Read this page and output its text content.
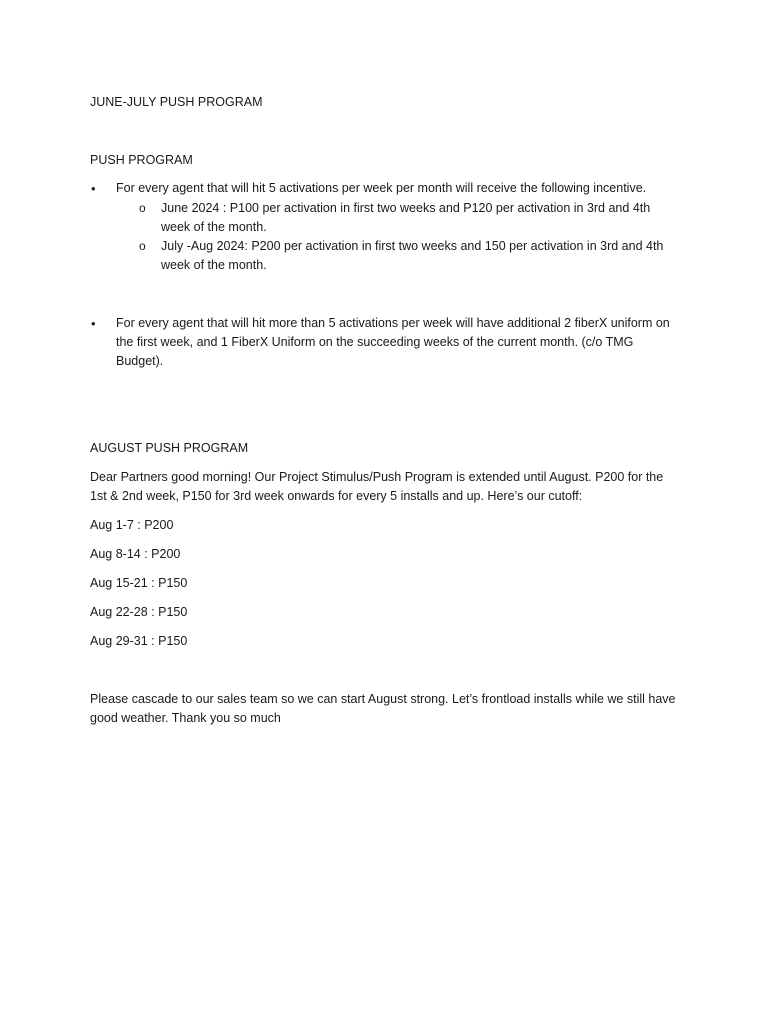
JUNE-JULY PUSH PROGRAM
PUSH PROGRAM
• For every agent that will hit 5 activations per week per month will receive the following incentive.
o June 2024 : P100 per activation in first two weeks and P120 per activation in 3rd and 4th week of the month.
o July -Aug 2024: P200 per activation in first two weeks and 150 per activation in 3rd and 4th week of the month.
• For every agent that will hit more than 5 activations per week will have additional 2 fiberX uniform on the first week, and 1 FiberX Uniform on the succeeding weeks of the current month. (c/o TMG Budget).
AUGUST PUSH PROGRAM
Dear Partners good morning! Our Project Stimulus/Push Program is extended until August. P200 for the 1st & 2nd week, P150 for 3rd week onwards for every 5 installs and up. Here’s our cutoff:
Aug 1-7 : P200
Aug 8-14 : P200
Aug 15-21 : P150
Aug 22-28 : P150
Aug 29-31 : P150
Please cascade to our sales team so we can start August strong. Let’s frontload installs while we still have good weather. Thank you so much
